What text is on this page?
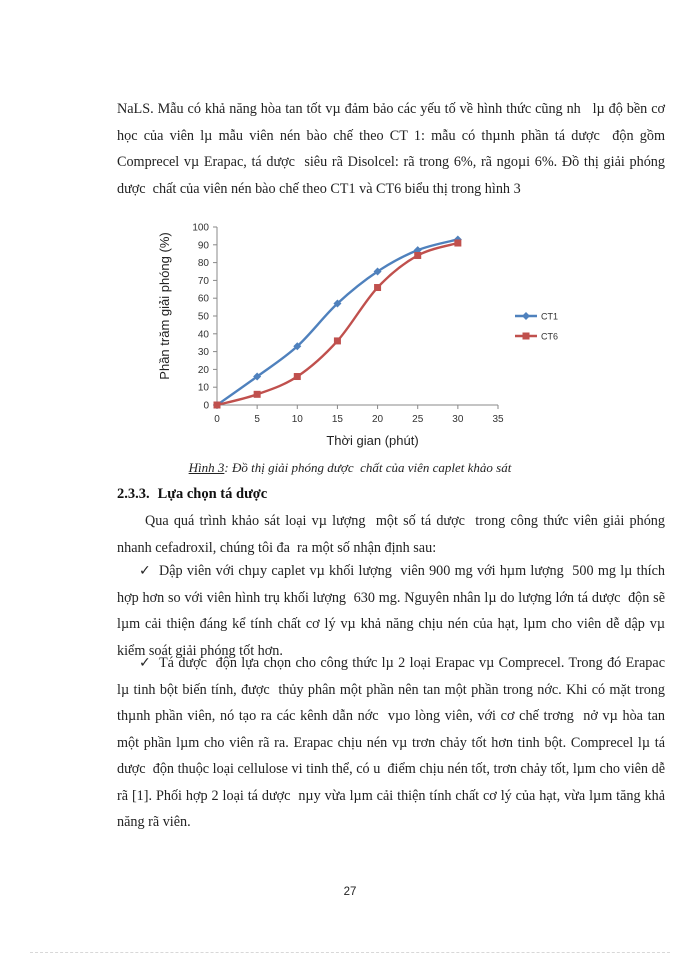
NaLS. Mẫu có khả năng hòa tan tốt vµ đảm bảo các yếu tố về hình thức cũng nh   lµ độ bền cơ học của viên lµ mẫu viên nén bào chế theo CT 1: mẫu có thµnh phần tá dược  độn gồm Comprecel vµ Erapac, tá dược  siêu rã Disolcel: rã trong 6%, rã ngoµi 6%. Đồ thị giải phóng dược  chất của viên nén bào chế theo CT1 và CT6 biểu thị trong hình 3

0
10
20
30
40
50
60
70
80
90
100
0	5	10	15	20	25	30	35
Phần trăm giải phóng (%)
Thời gian (phút)
CT1
CT6
Hình 3: Đồ thị giải phóng dược  chất của viên caplet khảo sát
2.3.3. Lựa chọn tá dược

Qua quá trình khảo sát loại vµ lượng  một số tá dược  trong công thức viên giải phóng nhanh cefadroxil, chúng tôi đa  ra một số nhận định sau:

✓ Dập viên với chµy caplet vµ khối lượng  viên 900 mg với hµm lượng  500 mg lµ thích hợp hơn so với viên hình trụ khối lượng  630 mg. Nguyên nhân lµ do lượng lớn tá dược  độn sẽ lµm cải thiện đáng kể tính chất cơ lý vµ khả năng chịu nén của hạt, lµm cho viên dễ dập vµ kiểm soát giải phóng tốt hơn.

✓ Tá dược  độn lựa chọn cho công thức lµ 2 loại Erapac vµ Comprecel. Trong đó Erapac lµ tinh bột biến tính, được  thủy phân một phần nên tan một phần trong nớc. Khi có mặt trong thµnh phần viên, nó tạo ra các kênh dẫn nớc  vµo lòng viên, với cơ chế trơng  nở vµ hòa tan một phần lµm cho viên rã ra. Erapac chịu nén vµ trơn chảy tốt hơn tinh bột. Comprecel lµ tá dược  độn thuộc loại cellulose vi tinh thể, có u  điểm chịu nén tốt, trơn chảy tốt, lµm cho viên dễ rã [1]. Phối hợp 2 loại tá dược  nµy vừa lµm cải thiện tính chất cơ lý của hạt, vừa lµm tăng khả năng rã viên.

27
